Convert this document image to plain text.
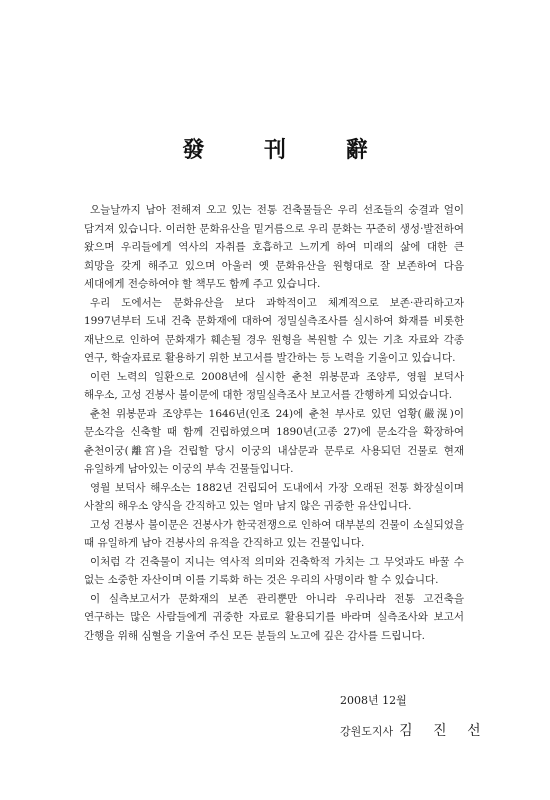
發 刊 辭

오늘날까지 남아 전해져 오고 있는 전통 건축물들은 우리 선조들의 숭결과 얼이 담겨져 있습니다. 이러한 문화유산을 밑거름으로 우리 문화는 꾸준히 생성·발전하여 왔으며 우리들에게 역사의 자취를 호흡하고 느끼게 하여 미래의 삶에 대한 큰 희망을 갖게 해주고 있으며 아울러 옛 문화유산을 원형대로 잘 보존하여 다음 세대에게 전승하여야 할 책무도 함께 주고 있습니다.

우리 도에서는 문화유산을 보다 과학적이고 체계적으로 보존·관리하고자 1997년부터 도내 건축 문화재에 대하여 정밀실측조사를 실시하여 화재를 비롯한 재난으로 인하여 문화재가 훼손될 경우 원형을 복원할 수 있는 기초 자료와 각종 연구, 학술자료로 활용하기 위한 보고서를 발간하는 등 노력을 기울이고 있습니다.

이런 노력의 일환으로 2008년에 실시한 춘천 위봉문과 조양루, 영월 보덕사 해우소, 고성 건봉사 불이문에 대한 정밀실측조사 보고서를 간행하게 되었습니다.

춘천 위봉문과 조양루는 1646년(인조 24)에 춘천 부사로 있던 엄황(嚴滉)이 문소각을 신축할 때 함께 건립하였으며 1890년(고종 27)에 문소각을 확장하여 춘천이궁(離宮)을 건립할 당시 이궁의 내삼문과 문루로 사용되던 건물로 현재 유일하게 남아있는 이궁의 부속 건물들입니다.

영월 보덕사 해우소는 1882년 건립되어 도내에서 가장 오래된 전통 화장실이며 사찰의 해우소 양식을 간직하고 있는 얼마 남지 않은 귀중한 유산입니다.

고성 건봉사 불이문은 건봉사가 한국전쟁으로 인하여 대부분의 건물이 소실되었을 때 유일하게 남아 건봉사의 유적을 간직하고 있는 건물입니다.

이처럼 각 건축물이 지니는 역사적 의미와 건축학적 가치는 그 무엇과도 바꿀 수 없는 소중한 자산이며 이를 기록화 하는 것은 우리의 사명이라 할 수 있습니다.

이 실측보고서가 문화재의 보존 관리뿐만 아니라 우리나라 전통 고건축을 연구하는 많은 사람들에게 귀중한 자료로 활용되기를 바라며 실측조사와 보고서 간행을 위해 심혈을 기울여 주신 모든 분들의 노고에 깊은 감사를 드립니다.

2008년 12월
강원도지사 김 진 선
